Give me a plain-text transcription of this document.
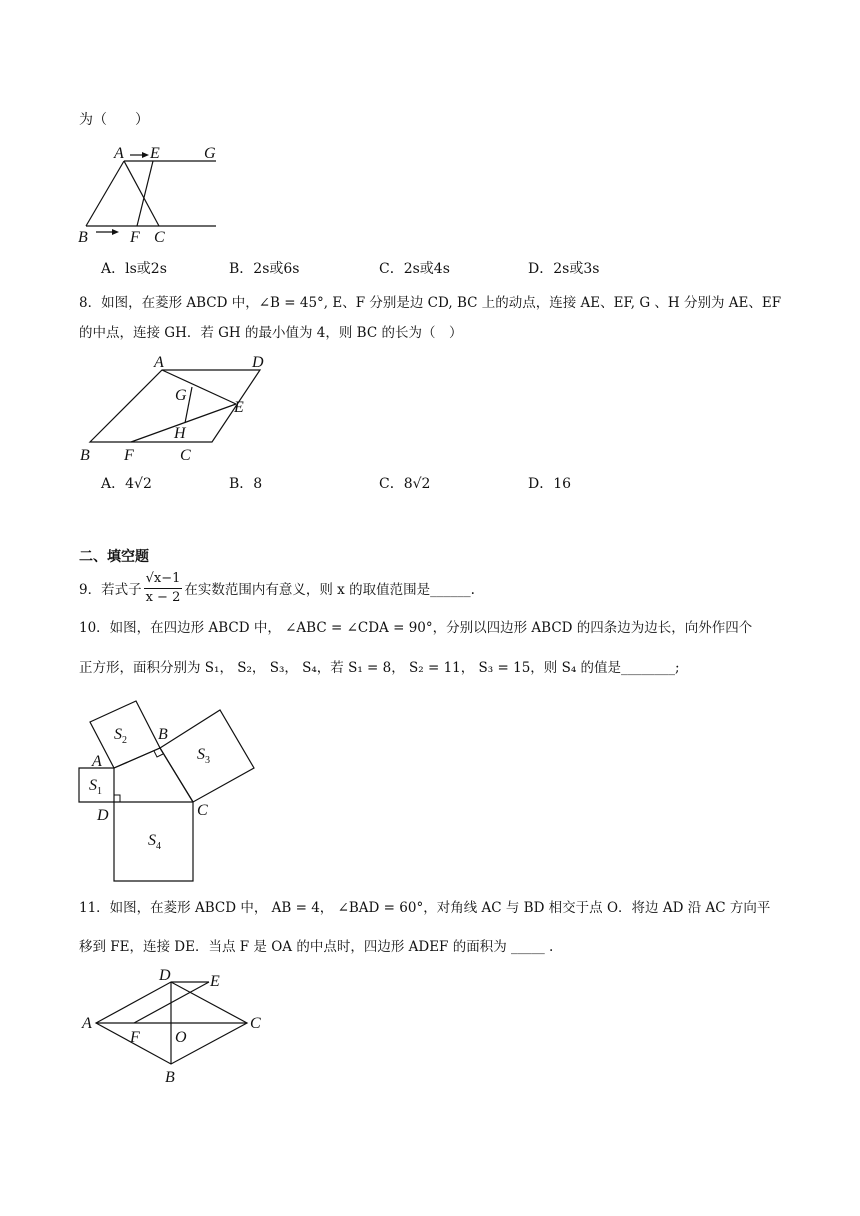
为（　　）
A E	G
B	F C
A．ls或2s	B．2s或6s	C．2s或4s	D．2s或3s
8．如图，在菱形 ABCD 中，∠B = 45°, E、F 分别是边 CD, BC 上的动点，连接 AE、EF, G 、H 分别为 AE、EF
的中点，连接 GH．若 GH 的最小值为 4，则 BC 的长为（　）
A	D
G
E
H
B F	C
A．4√2	B．8	C．8√2	D．16
二、填空题
9．若式子 $\frac{√x-1}{x - 2}$ 在实数范围内有意义，则 x 的取值范围是______.
10．如图，在四边形 ABCD 中， ∠ABC = ∠CDA = 90°，分别以四边形 ABCD 的四条边为边长，向外作四个
正方形，面积分别为 S₁， S₂， S₃， S₄，若 S₁ = 8， S₂ = 11， S₃ = 15，则 S₄ 的值是________;
$S_2$
$S_3$
$S_1$
$S_4$
A
B
C
D
11．如图，在菱形 ABCD 中， AB = 4， ∠BAD = 60°，对角线 AC 与 BD 相交于点 O．将边 AD 沿 AC 方向平
移到 FE，连接 DE．当点 F 是 OA 的中点时，四边形 ADEF 的面积为 _____ .
D E
A
F O
C
B
